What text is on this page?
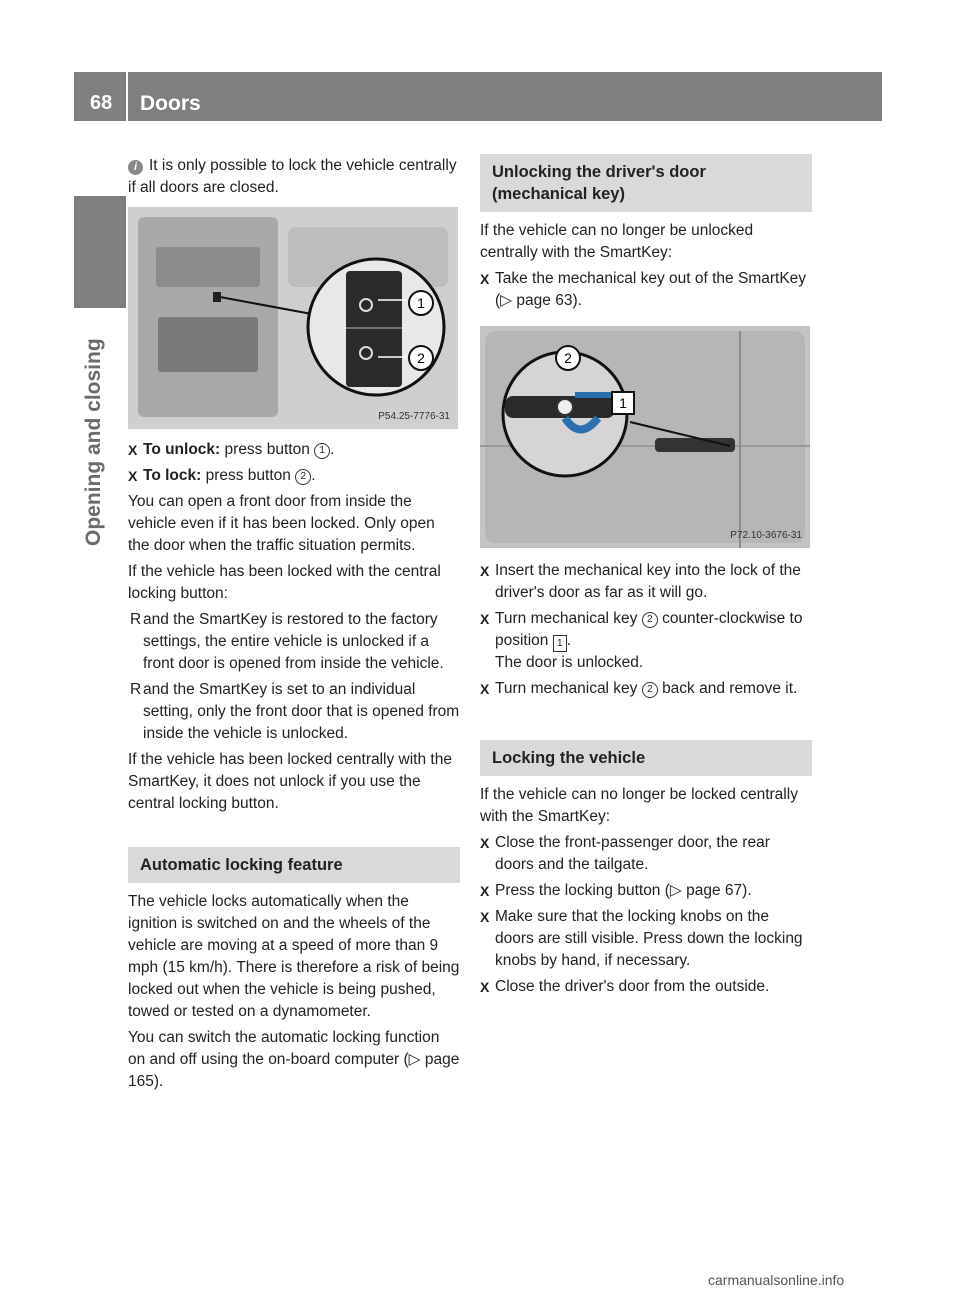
68 Doors
Opening and closing

i It is only possible to lock the vehicle centrally if all doors are closed.

1
2
P54.25-7776-31
X To unlock: press button 1 .
X To lock: press button 2 .

You can open a front door from inside the vehicle even if it has been locked. Only open the door when the traffic situation permits.

If the vehicle has been locked with the central locking button:

R and the SmartKey is restored to the factory settings, the entire vehicle is unlocked if a front door is opened from inside the vehicle.
R and the SmartKey is set to an individual setting, only the front door that is opened from inside the vehicle is unlocked.

If the vehicle has been locked centrally with the SmartKey, it does not unlock if you use the central locking button.

Automatic locking feature

The vehicle locks automatically when the ignition is switched on and the wheels of the vehicle are moving at a speed of more than 9 mph (15 km/h). There is therefore a risk of being locked out when the vehicle is being pushed, towed or tested on a dynamometer.

You can switch the automatic locking function on and off using the on-board computer (▷ page 165).

Unlocking the driver's door (mechanical key)

If the vehicle can no longer be unlocked centrally with the SmartKey:

X Take the mechanical key out of the SmartKey (▷ page 63).
2
1
P72.10-3676-31
X Insert the mechanical key into the lock of the driver's door as far as it will go.
X Turn mechanical key 2 counter-clockwise to position 1 .
The door is unlocked.
X Turn mechanical key 2 back and remove it.
Locking the vehicle

If the vehicle can no longer be locked centrally with the SmartKey:

X Close the front-passenger door, the rear doors and the tailgate.
X Press the locking button (▷ page 67).
X Make sure that the locking knobs on the doors are still visible. Press down the locking knobs by hand, if necessary.
X Close the driver's door from the outside.
carmanualsonline.info
